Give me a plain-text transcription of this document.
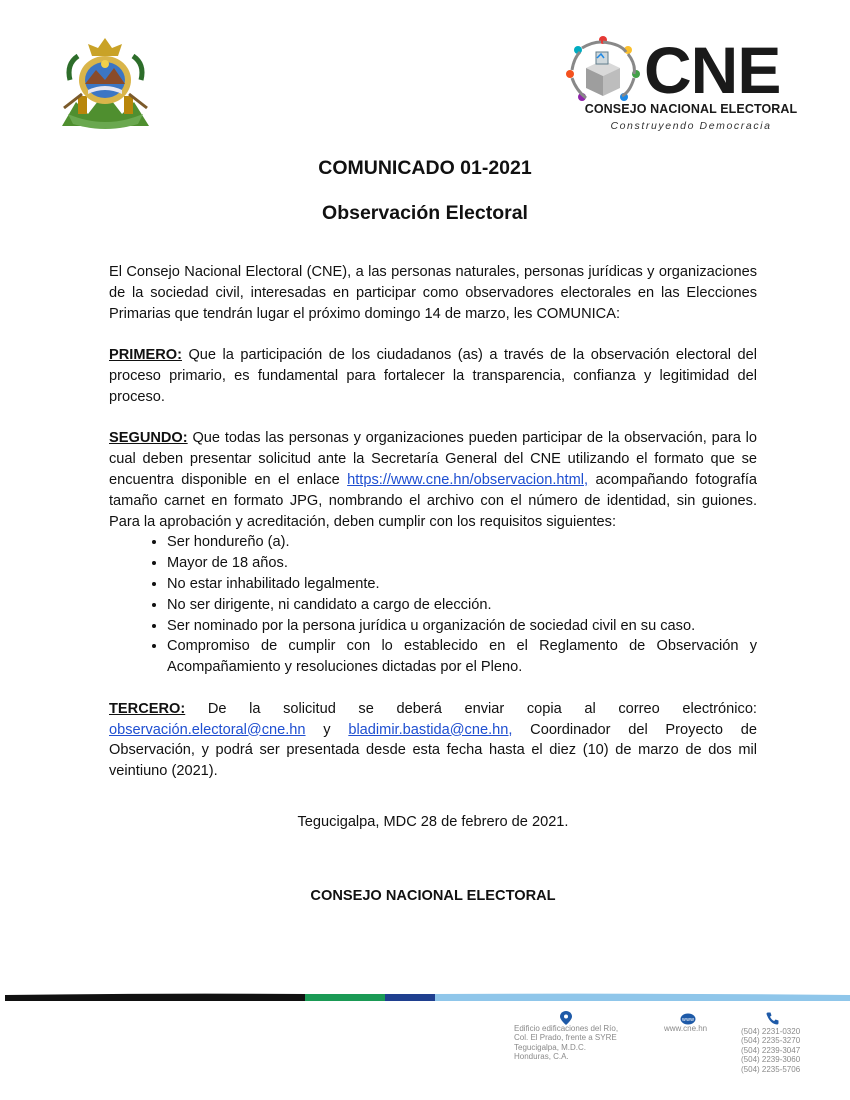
CNE
CONSEJO NACIONAL ELECTORAL
Construyendo Democracia
COMUNICADO 01-2021
Observación Electoral

El Consejo Nacional Electoral (CNE), a las personas naturales, personas jurídicas y organizaciones de la sociedad civil, interesadas en participar como observadores electorales en las Elecciones Primarias que tendrán lugar el próximo domingo 14 de marzo, les COMUNICA:

PRIMERO: Que la participación de los ciudadanos (as) a través de la observación electoral del proceso primario, es fundamental para fortalecer la transparencia, confianza y legitimidad del proceso.

SEGUNDO: Que todas las personas y organizaciones pueden participar de la observación, para lo cual deben presentar solicitud ante la Secretaría General del CNE utilizando el formato que se encuentra disponible en el enlace https://www.cne.hn/observacion.html, acompañando fotografía tamaño carnet en formato JPG, nombrando el archivo con el número de identidad, sin guiones. Para la aprobación y acreditación, deben cumplir con los requisitos siguientes:
• Ser hondureño (a).
• Mayor de 18 años.
• No estar inhabilitado legalmente.
• No ser dirigente, ni candidato a cargo de elección.
• Ser nominado por la persona jurídica u organización de sociedad civil en su caso.
• Compromiso de cumplir con lo establecido en el Reglamento de Observación y Acompañamiento y resoluciones dictadas por el Pleno.

TERCERO: De la solicitud se deberá enviar copia al correo electrónico: observación.electoral@cne.hn y bladimir.bastida@cne.hn, Coordinador del Proyecto de Observación, y podrá ser presentada desde esta fecha hasta el diez (10) de marzo de dos mil veintiuno (2021).

Tegucigalpa, MDC 28 de febrero de 2021.
CONSEJO NACIONAL ELECTORAL
Edificio edificaciones del Río,
Col. El Prado, frente a SYRE
Tegucigalpa, M.D.C.
Honduras, C.A.
www
www.cne.hn	(504) 2231-0320
(504) 2235-3270
(504) 2239-3047
(504) 2239-3060
(504) 2235-5706
